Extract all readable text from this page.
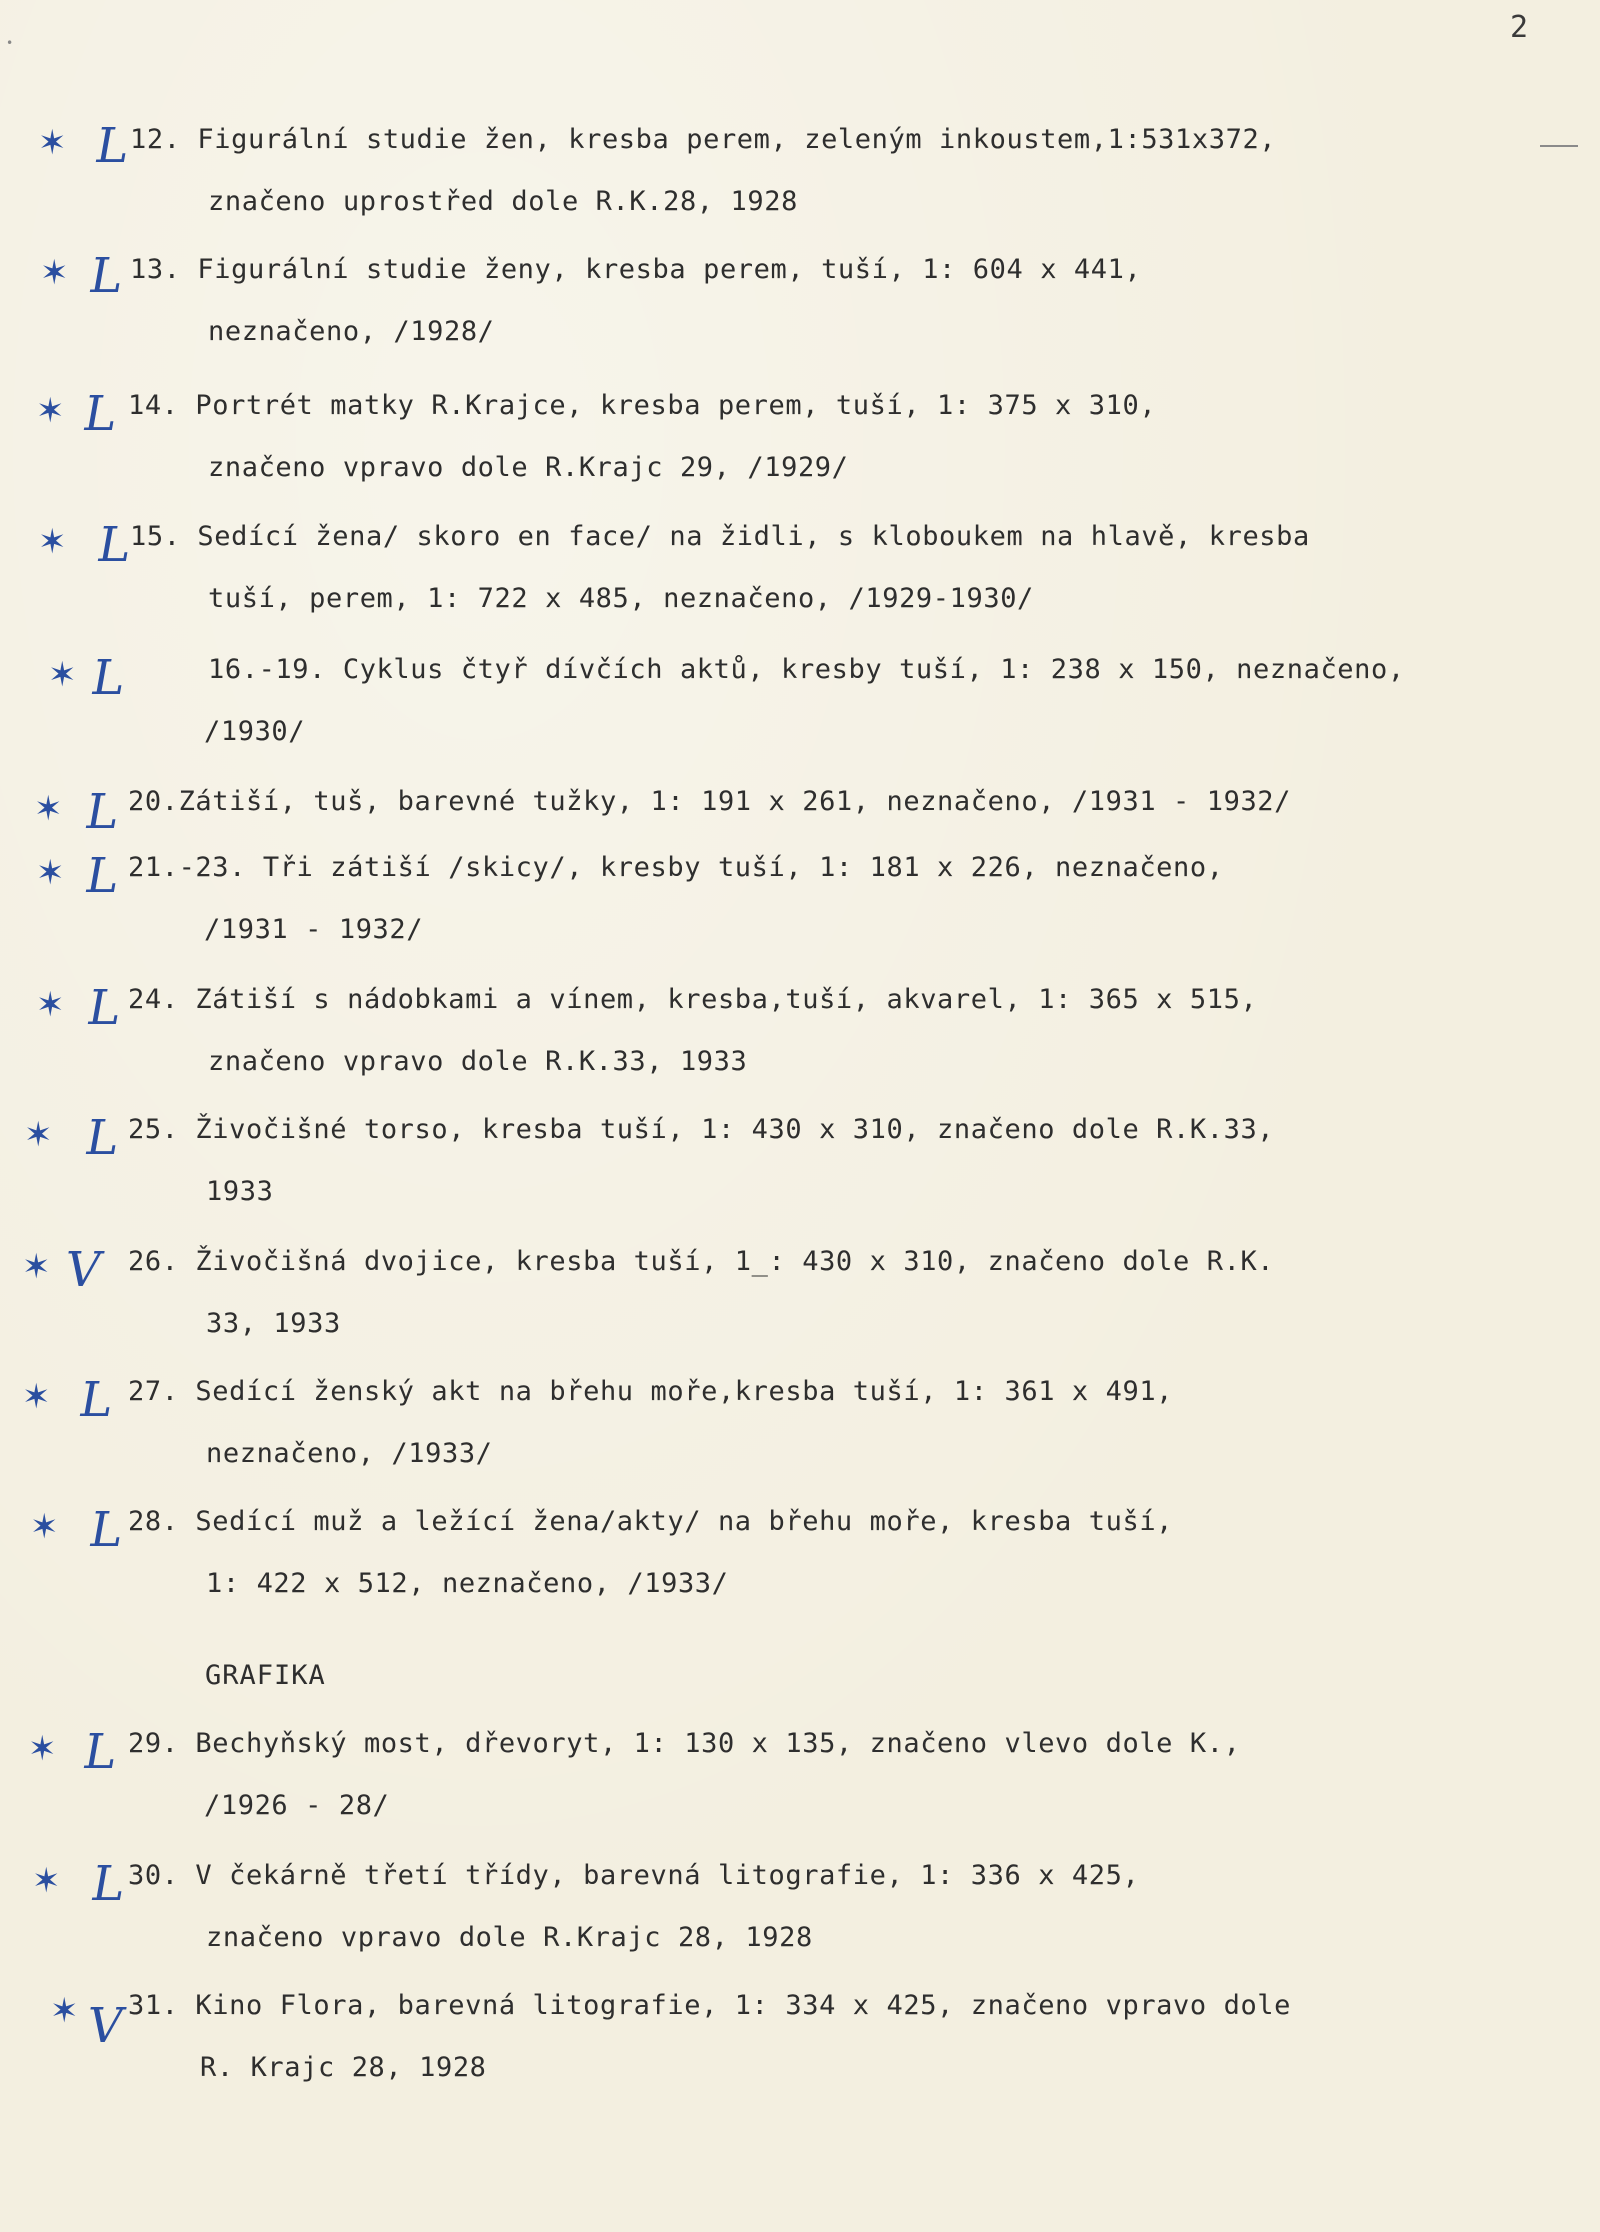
•	2
✶ L
12. Figurální studie žen, kresba perem, zeleným inkoustem,1:531x372,
značeno uprostřed dole R.K.28, 1928
✶ L 13. Figurální studie ženy, kresba perem, tuší, 1: 604 x 441,
neznačeno, /1928/
✶ L 14. Portrét matky R.Krajce, kresba perem, tuší, 1: 375 x 310,
značeno vpravo dole R.Krajc 29, /1929/
✶ L
15. Sedící žena/ skoro en face/ na židli, s kloboukem na hlavě, kresba
tuší, perem, 1: 722 x 485, neznačeno, /1929-1930/
✶ L	16.-19. Cyklus čtyř dívčích aktů, kresby tuší, 1: 238 x 150, neznačeno,
/1930/
✶ L 20.Zátiší, tuš, barevné tužky, 1: 191 x 261, neznačeno, /1931 - 1932/
✶ L 21.-23. Tři zátiší /skicy/, kresby tuší, 1: 181 x 226, neznačeno,
/1931 - 1932/
✶ L 24. Zátiší s nádobkami a vínem, kresba,tuší, akvarel, 1: 365 x 515,
značeno vpravo dole R.K.33, 1933
✶ L 25. Živočišné torso, kresba tuší, 1: 430 x 310, značeno dole R.K.33,
1933
✶ V 26. Živočišná dvojice, kresba tuší, 1_: 430 x 310, značeno dole R.K.
33, 1933
✶ L 27. Sedící ženský akt na břehu moře,kresba tuší, 1: 361 x 491,
neznačeno, /1933/
✶ L 28. Sedící muž a ležící žena/akty/ na břehu moře, kresba tuší,
1: 422 x 512, neznačeno, /1933/
GRAFIKA
✶ L 29. Bechyňský most, dřevoryt, 1: 130 x 135, značeno vlevo dole K.,
/1926 - 28/
✶ L 30. V čekárně třetí třídy, barevná litografie, 1: 336 x 425,
značeno vpravo dole R.Krajc 28, 1928
✶ V 31. Kino Flora, barevná litografie, 1: 334 x 425, značeno vpravo dole
R. Krajc 28, 1928
